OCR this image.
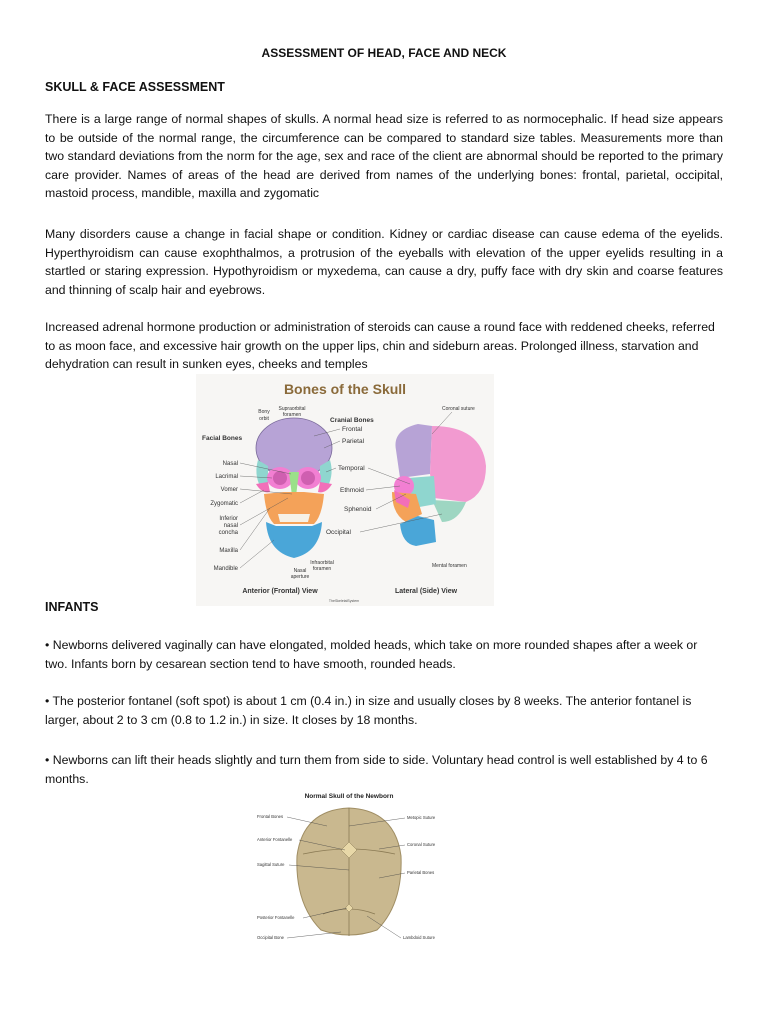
ASSESSMENT OF HEAD, FACE AND NECK
SKULL & FACE ASSESSMENT
There is a large range of normal shapes of skulls. A normal head size is referred to as normocephalic. If head size appears to be outside of the normal range, the circumference can be compared to standard size tables. Measurements more than two standard deviations from the norm for the age, sex and race of the client are abnormal should be reported to the primary care provider. Names of areas of the head are derived from names of the underlying bones: frontal, parietal, occipital, mastoid process, mandible, maxilla and zygomatic
Many disorders cause a change in facial shape or condition. Kidney or cardiac disease can cause edema of the eyelids. Hyperthyroidism can cause exophthalmos, a protrusion of the eyeballs with elevation of the upper eyelids resulting in a startled or staring expression. Hypothyroidism or myxedema, can cause a dry, puffy face with dry skin and coarse features and thinning of scalp hair and eyebrows.
Increased adrenal hormone production or administration of steroids can cause a round face with reddened cheeks, referred to as moon face, and excessive hair growth on the upper lips, chin and sideburn areas. Prolonged illness, starvation and dehydration can result in sunken eyes, cheeks and temples
Bones of the Skull
Facial Bones
Nasal
Lacrimal
Vomer
Zygomatic
Inferior
nasal
concha
Maxilla
Mandible
Bony
orbit
Supraorbital
foramen
Cranial Bones
Frontal
Parietal
Temporal
Ethmoid
Sphenoid
Occipital
Coronal suture
Infraorbital
foramen
Nasal
aperture
Mental foramen
Anterior (Frontal) View	Lateral (Side) View
TheSkeletalSystem
INFANTS
• Newborns delivered vaginally can have elongated, molded heads, which take on more rounded shapes after a week or two. Infants born by cesarean section tend to have smooth, rounded heads.
• The posterior fontanel (soft spot) is about 1 cm (0.4 in.) in size and usually closes by 8 weeks. The anterior fontanel is larger, about 2 to 3 cm (0.8 to 1.2 in.) in size. It closes by 18 months.
• Newborns can lift their heads slightly and turn them from side to side. Voluntary head control is well established by 4 to 6 months.
Normal Skull of the Newborn
Frontal Bones
Anterior Fontanelle
Sagittal Suture
Posterior Fontanelle
Occipital Bone
Metopic Suture
Coronal Suture
Parietal Bones
Lambdoid Suture
